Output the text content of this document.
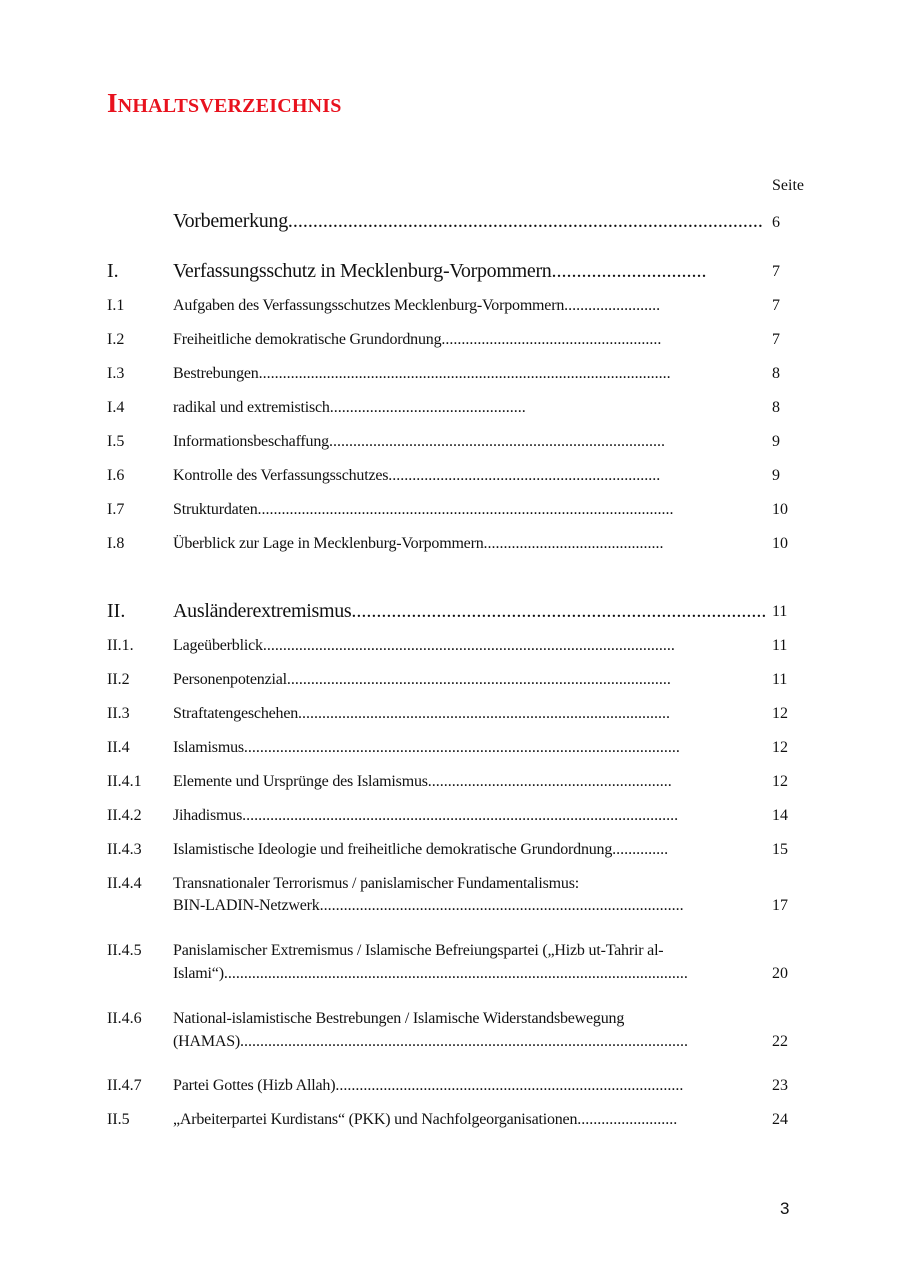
INHALTSVERZEICHNIS
Seite
Vorbemerkung............................................................................................... 6
I.	Verfassungsschutz in Mecklenburg-Vorpommern...............................	7
I.1	Aufgaben des Verfassungsschutzes Mecklenburg-Vorpommern........................	7
I.2	Freiheitliche demokratische Grundordnung.......................................................	7
I.3	Bestrebungen.......................................................................................................	8
I.4	radikal und extremistisch.................................................	8
I.5	Informationsbeschaffung....................................................................................	9
I.6	Kontrolle des Verfassungsschutzes....................................................................	9
I.7	Strukturdaten........................................................................................................	10
I.8	Überblick zur Lage in Mecklenburg-Vorpommern.............................................	10
II. Ausländerextremismus................................................................................... 11
II.1. Lageüberblick.......................................................................................................	11
II.2	Personenpotenzial................................................................................................	11
II.3	Straftatengeschehen.............................................................................................	12
II.4	Islamismus.............................................................................................................	12
II.4.1 Elemente und Ursprünge des Islamismus.............................................................	12
II.4.2 Jihadismus.............................................................................................................	14
II.4.3 Islamistische Ideologie und freiheitliche demokratische Grundordnung..............	15
II.4.4 Transnationaler Terrorismus / panislamischer Fundamentalismus:
BIN-LADIN-Netzwerk...........................................................................................	17
II.4.5 Panislamischer Extremismus / Islamische Befreiungspartei („Hizb ut-Tahrir al-
Islami“)....................................................................................................................	20
II.4.6 National-islamistische Bestrebungen / Islamische Widerstandsbewegung
(HAMAS)................................................................................................................	22
II.4.7 Partei Gottes (Hizb Allah).......................................................................................	23
II.5	„Arbeiterpartei Kurdistans“ (PKK) und Nachfolgeorganisationen.........................	24
3
